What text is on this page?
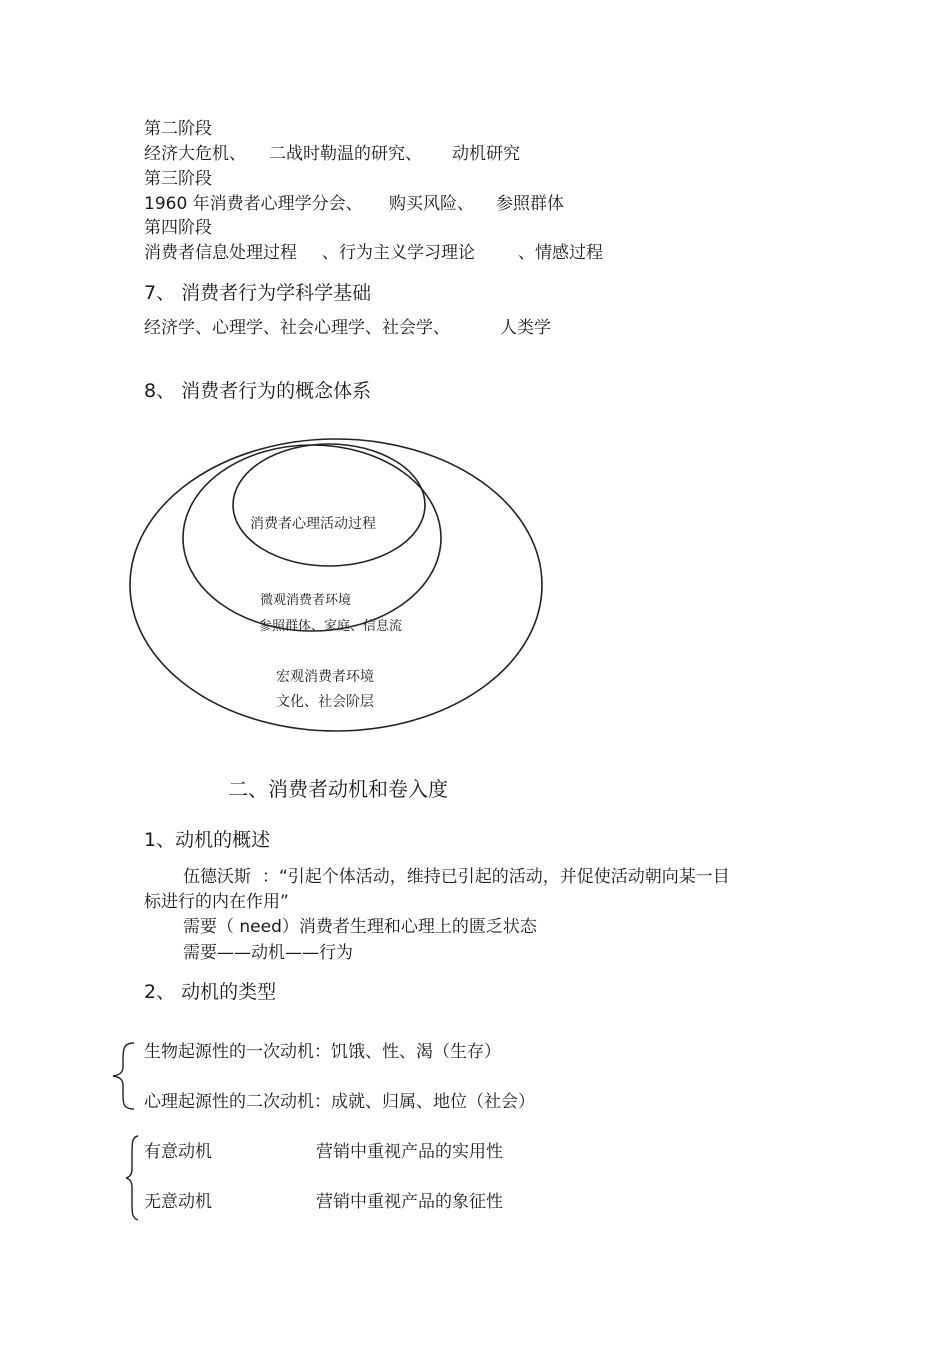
第二阶段
经济大危机、 二战时勒温的研究、 动机研究
第三阶段
1960 年消费者心理学分会、 购买风险、 参照群体
第四阶段
消费者信息处理过程 、行为主义学习理论	、情感过程
7、 消费者行为学科学基础
经济学、心理学、社会心理学、社会学、	人类学
8、 消费者行为的概念体系
消费者心理活动过程
微观消费者环境
参照群体、家庭、信息流
宏观消费者环境
文化、社会阶层
二、消费者动机和卷入度
1、动机的概述
伍德沃斯 ：“引起个体活动，维持已引起的活动，并促使活动朝向某一目
标进行的内在作用”
需要（ need）消费者生理和心理上的匮乏状态
需要——动机——行为
2、 动机的类型
生物起源性的一次动机：饥饿、性、渴（生存）
心理起源性的二次动机：成就、归属、地位（社会）
有意动机	营销中重视产品的实用性
无意动机	营销中重视产品的象征性
